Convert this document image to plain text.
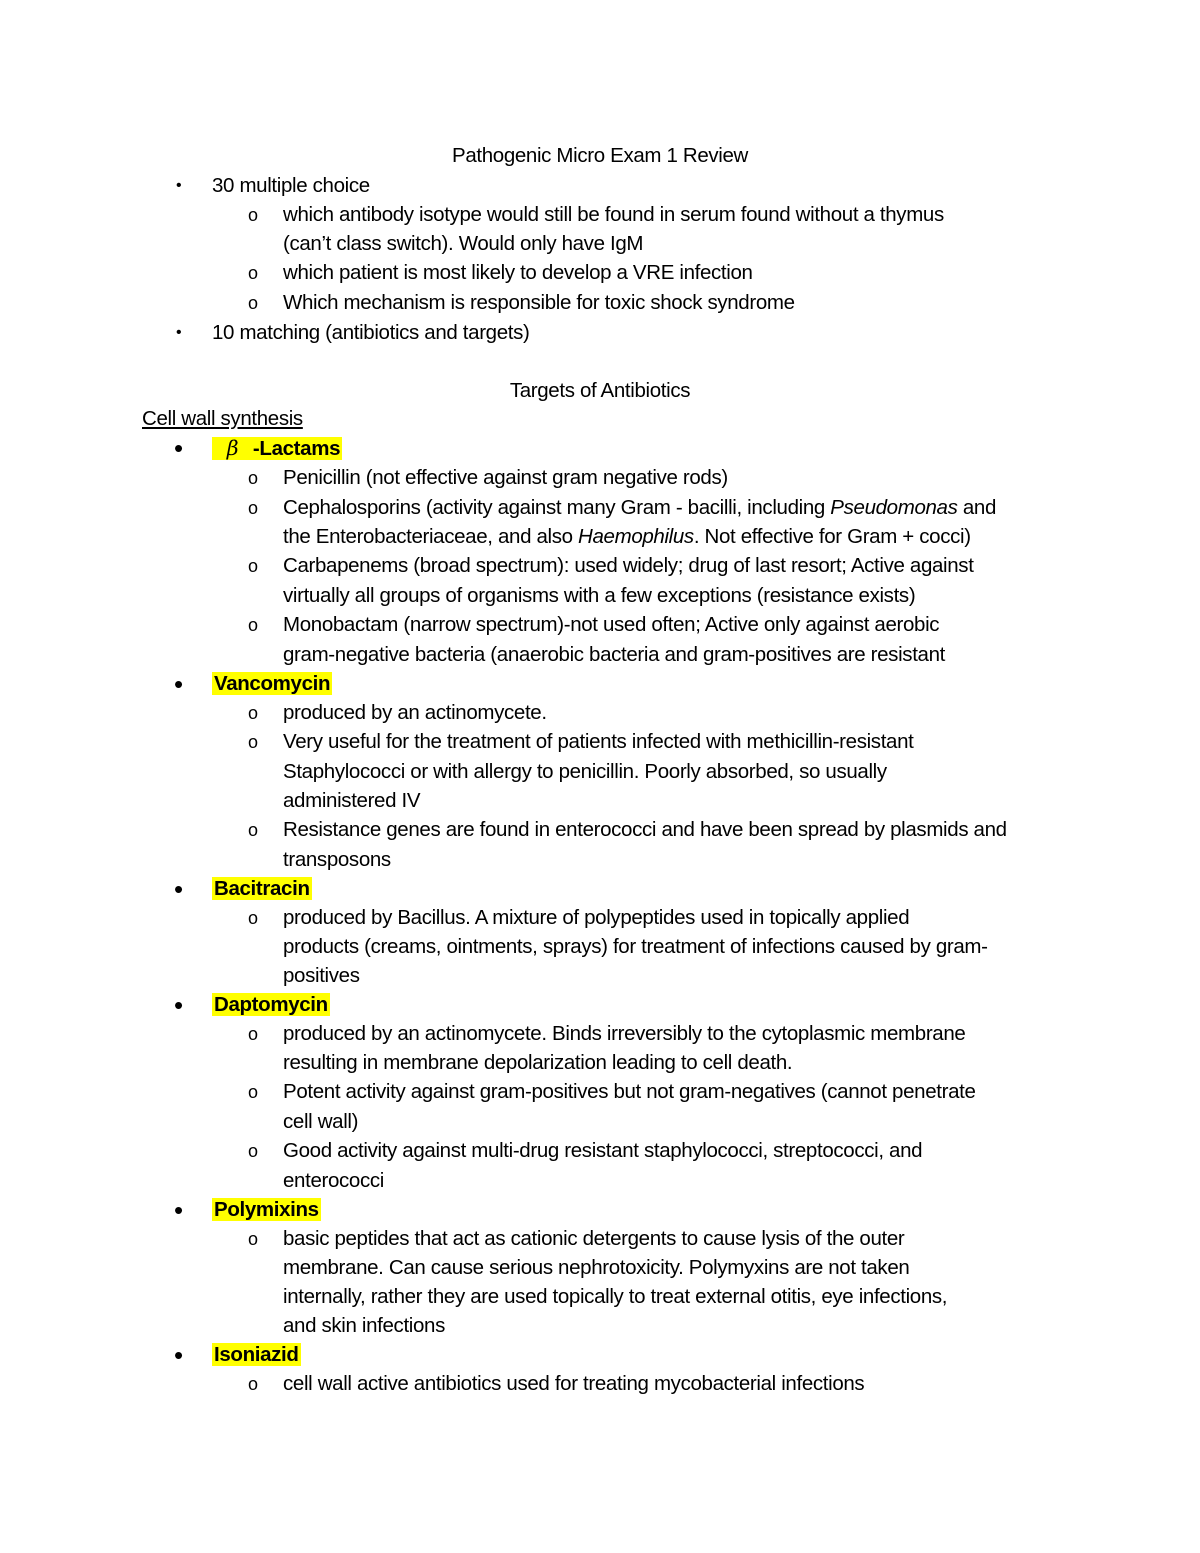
Pathogenic Micro Exam 1 Review
• 30 multiple choice
o which antibody isotype would still be found in serum found without a thymus
(can’t class switch). Would only have IgM
o which patient is most likely to develop a VRE infection
o Which mechanism is responsible for toxic shock syndrome
• 10 matching (antibiotics and targets)
Targets of Antibiotics
Cell wall synthesis
•	β -Lactams
o Penicillin (not effective against gram negative rods)
o Cephalosporins (activity against many Gram - bacilli, including Pseudomonas and
the Enterobacteriaceae, and also Haemophilus. Not effective for Gram + cocci)
o Carbapenems (broad spectrum): used widely; drug of last resort; Active against
virtually all groups of organisms with a few exceptions (resistance exists)
o Monobactam (narrow spectrum)-not used often; Active only against aerobic
gram-negative bacteria (anaerobic bacteria and gram-positives are resistant
• Vancomycin
o produced by an actinomycete.
o Very useful for the treatment of patients infected with methicillin-resistant
Staphylococci or with allergy to penicillin. Poorly absorbed, so usually
administered IV
o Resistance genes are found in enterococci and have been spread by plasmids and
transposons
• Bacitracin
o produced by Bacillus. A mixture of polypeptides used in topically applied
products (creams, ointments, sprays) for treatment of infections caused by gram-
positives
• Daptomycin
o produced by an actinomycete. Binds irreversibly to the cytoplasmic membrane
resulting in membrane depolarization leading to cell death.
o Potent activity against gram-positives but not gram-negatives (cannot penetrate
cell wall)
o Good activity against multi-drug resistant staphylococci, streptococci, and
enterococci
• Polymixins
o basic peptides that act as cationic detergents to cause lysis of the outer
membrane. Can cause serious nephrotoxicity. Polymyxins are not taken
internally, rather they are used topically to treat external otitis, eye infections,
and skin infections
• Isoniazid
o cell wall active antibiotics used for treating mycobacterial infections
